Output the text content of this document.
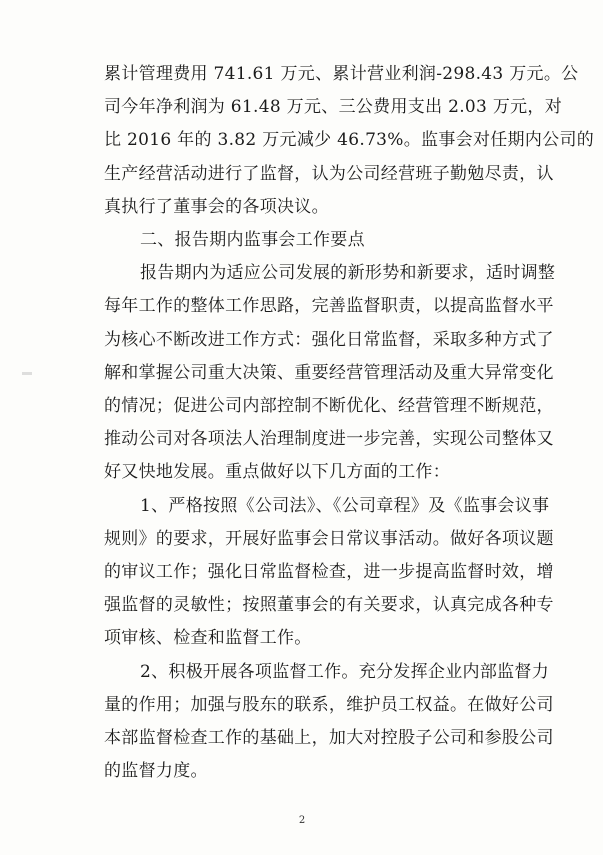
累计管理费用 741.61 万元、累计营业利润-298.43 万元。公
司今年净利润为 61.48 万元、三公费用支出 2.03 万元，对
比 2016 年的 3.82 万元减少 46.73%。监事会对任期内公司的
生产经营活动进行了监督，认为公司经营班子勤勉尽责，认
真执行了董事会的各项决议。
二、报告期内监事会工作要点
报告期内为适应公司发展的新形势和新要求，适时调整
每年工作的整体工作思路，完善监督职责，以提高监督水平
为核心不断改进工作方式：强化日常监督，采取多种方式了
解和掌握公司重大决策、重要经营管理活动及重大异常变化
的情况；促进公司内部控制不断优化、经营管理不断规范，
推动公司对各项法人治理制度进一步完善，实现公司整体又
好又快地发展。重点做好以下几方面的工作：
1、严格按照《公司法》、《公司章程》及《监事会议事
规则》的要求，开展好监事会日常议事活动。做好各项议题
的审议工作；强化日常监督检查，进一步提高监督时效，增
强监督的灵敏性；按照董事会的有关要求，认真完成各种专
项审核、检查和监督工作。
2、积极开展各项监督工作。充分发挥企业内部监督力
量的作用；加强与股东的联系，维护员工权益。在做好公司
本部监督检查工作的基础上，加大对控股子公司和参股公司
的监督力度。
2
